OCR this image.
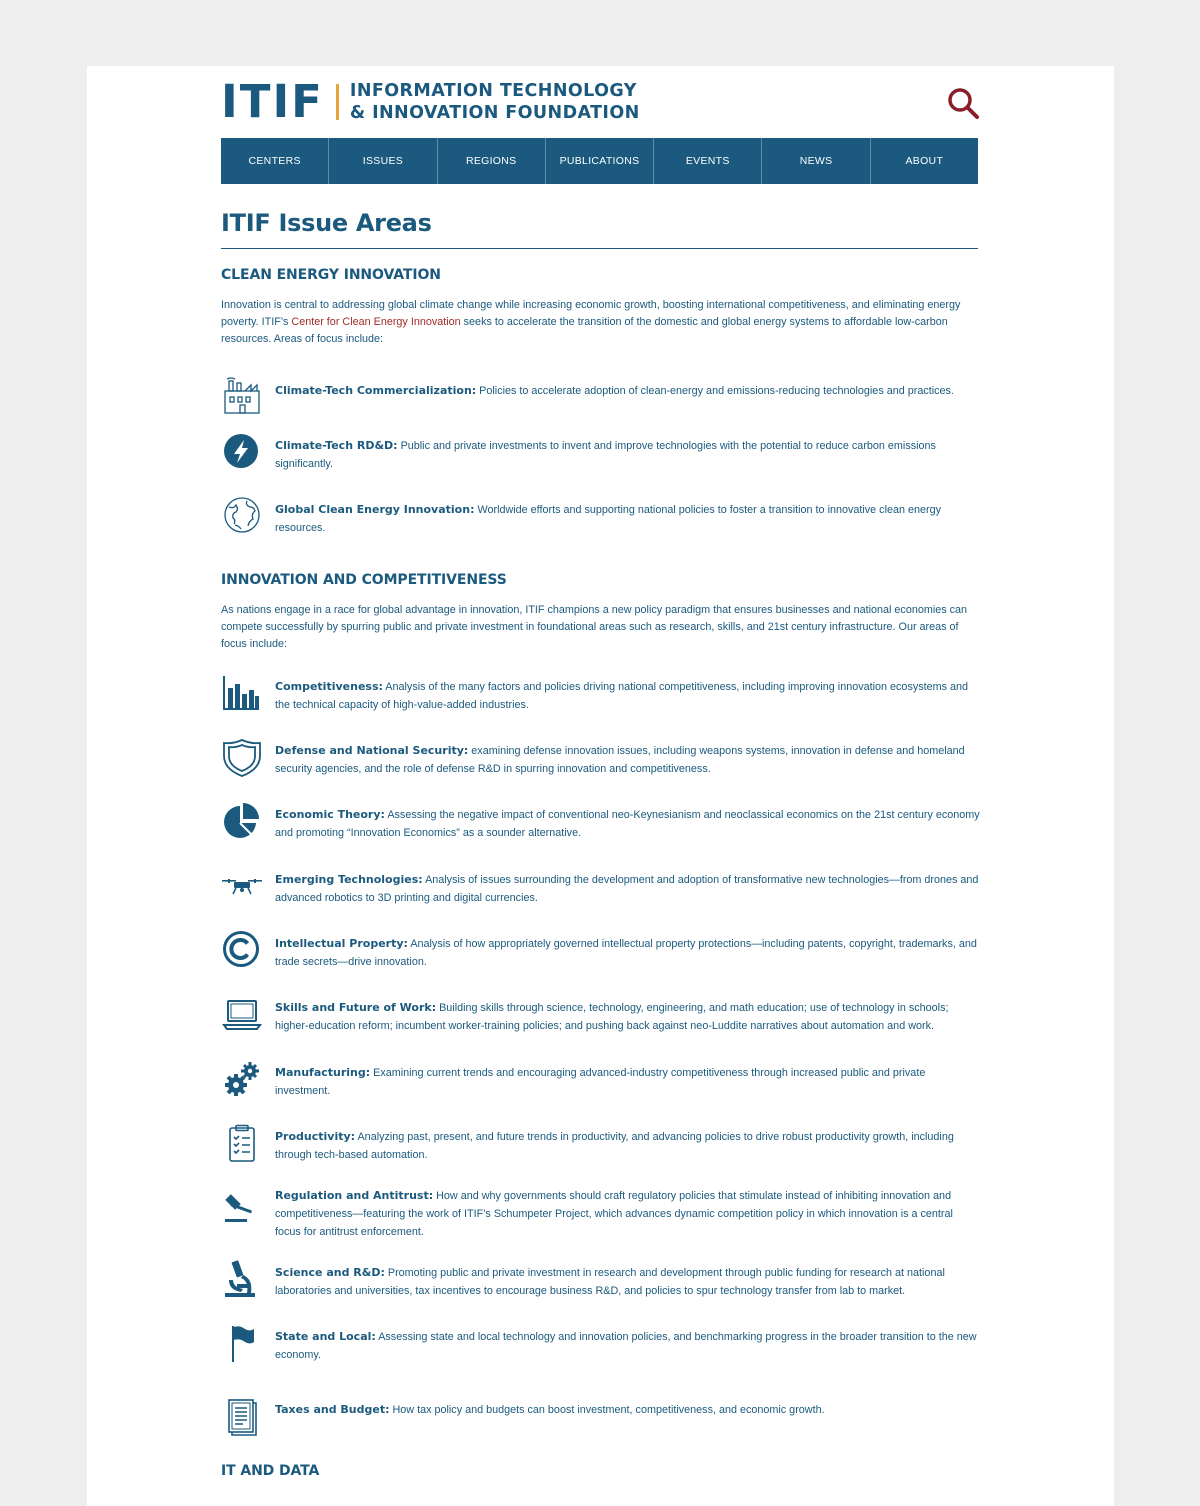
ITIF INFORMATION TECHNOLOGY
& INNOVATION FOUNDATION
CENTERS	ISSUES	REGIONS	PUBLICATIONS	EVENTS	NEWS	ABOUT
ITIF Issue Areas
CLEAN ENERGY INNOVATION

Innovation is central to addressing global climate change while increasing economic growth, boosting international competitiveness, and eliminating energy poverty. ITIF’s Center for Clean Energy Innovation seeks to accelerate the transition of the domestic and global energy systems to affordable low-carbon resources. Areas of focus include:

Climate-Tech Commercialization: Policies to accelerate adoption of clean-energy and emissions-reducing technologies and practices.
Climate-Tech RD&D: Public and private investments to invent and improve technologies with the potential to reduce carbon emissions significantly.
Global Clean Energy Innovation: Worldwide efforts and supporting national policies to foster a transition to innovative clean energy resources.
INNOVATION AND COMPETITIVENESS

As nations engage in a race for global advantage in innovation, ITIF champions a new policy paradigm that ensures businesses and national economies can compete successfully by spurring public and private investment in foundational areas such as research, skills, and 21st century infrastructure. Our areas of focus include:

Competitiveness: Analysis of the many factors and policies driving national competitiveness, including improving innovation ecosystems and the technical capacity of high-value-added industries.
Defense and National Security: examining defense innovation issues, including weapons systems, innovation in defense and homeland security agencies, and the role of defense R&D in spurring innovation and competitiveness.
Economic Theory: Assessing the negative impact of conventional neo-Keynesianism and neoclassical economics on the 21st century economy and promoting “Innovation Economics” as a sounder alternative.
Emerging Technologies: Analysis of issues surrounding the development and adoption of transformative new technologies—from drones and advanced robotics to 3D printing and digital currencies.
Intellectual Property: Analysis of how appropriately governed intellectual property protections—including patents, copyright, trademarks, and trade secrets—drive innovation.
Skills and Future of Work: Building skills through science, technology, engineering, and math education; use of technology in schools; higher-education reform; incumbent worker-training policies; and pushing back against neo-Luddite narratives about automation and work.
Manufacturing: Examining current trends and encouraging advanced-industry competitiveness through increased public and private investment.
Productivity: Analyzing past, present, and future trends in productivity, and advancing policies to drive robust productivity growth, including through tech-based automation.
Regulation and Antitrust: How and why governments should craft regulatory policies that stimulate instead of inhibiting innovation and competitiveness—featuring the work of ITIF’s Schumpeter Project, which advances dynamic competition policy in which innovation is a central focus for antitrust enforcement.
Science and R&D: Promoting public and private investment in research and development through public funding for research at national laboratories and universities, tax incentives to encourage business R&D, and policies to spur technology transfer from lab to market.
State and Local: Assessing state and local technology and innovation policies, and benchmarking progress in the broader transition to the new economy.
Taxes and Budget: How tax policy and budgets can boost investment, competitiveness, and economic growth.
IT AND DATA
